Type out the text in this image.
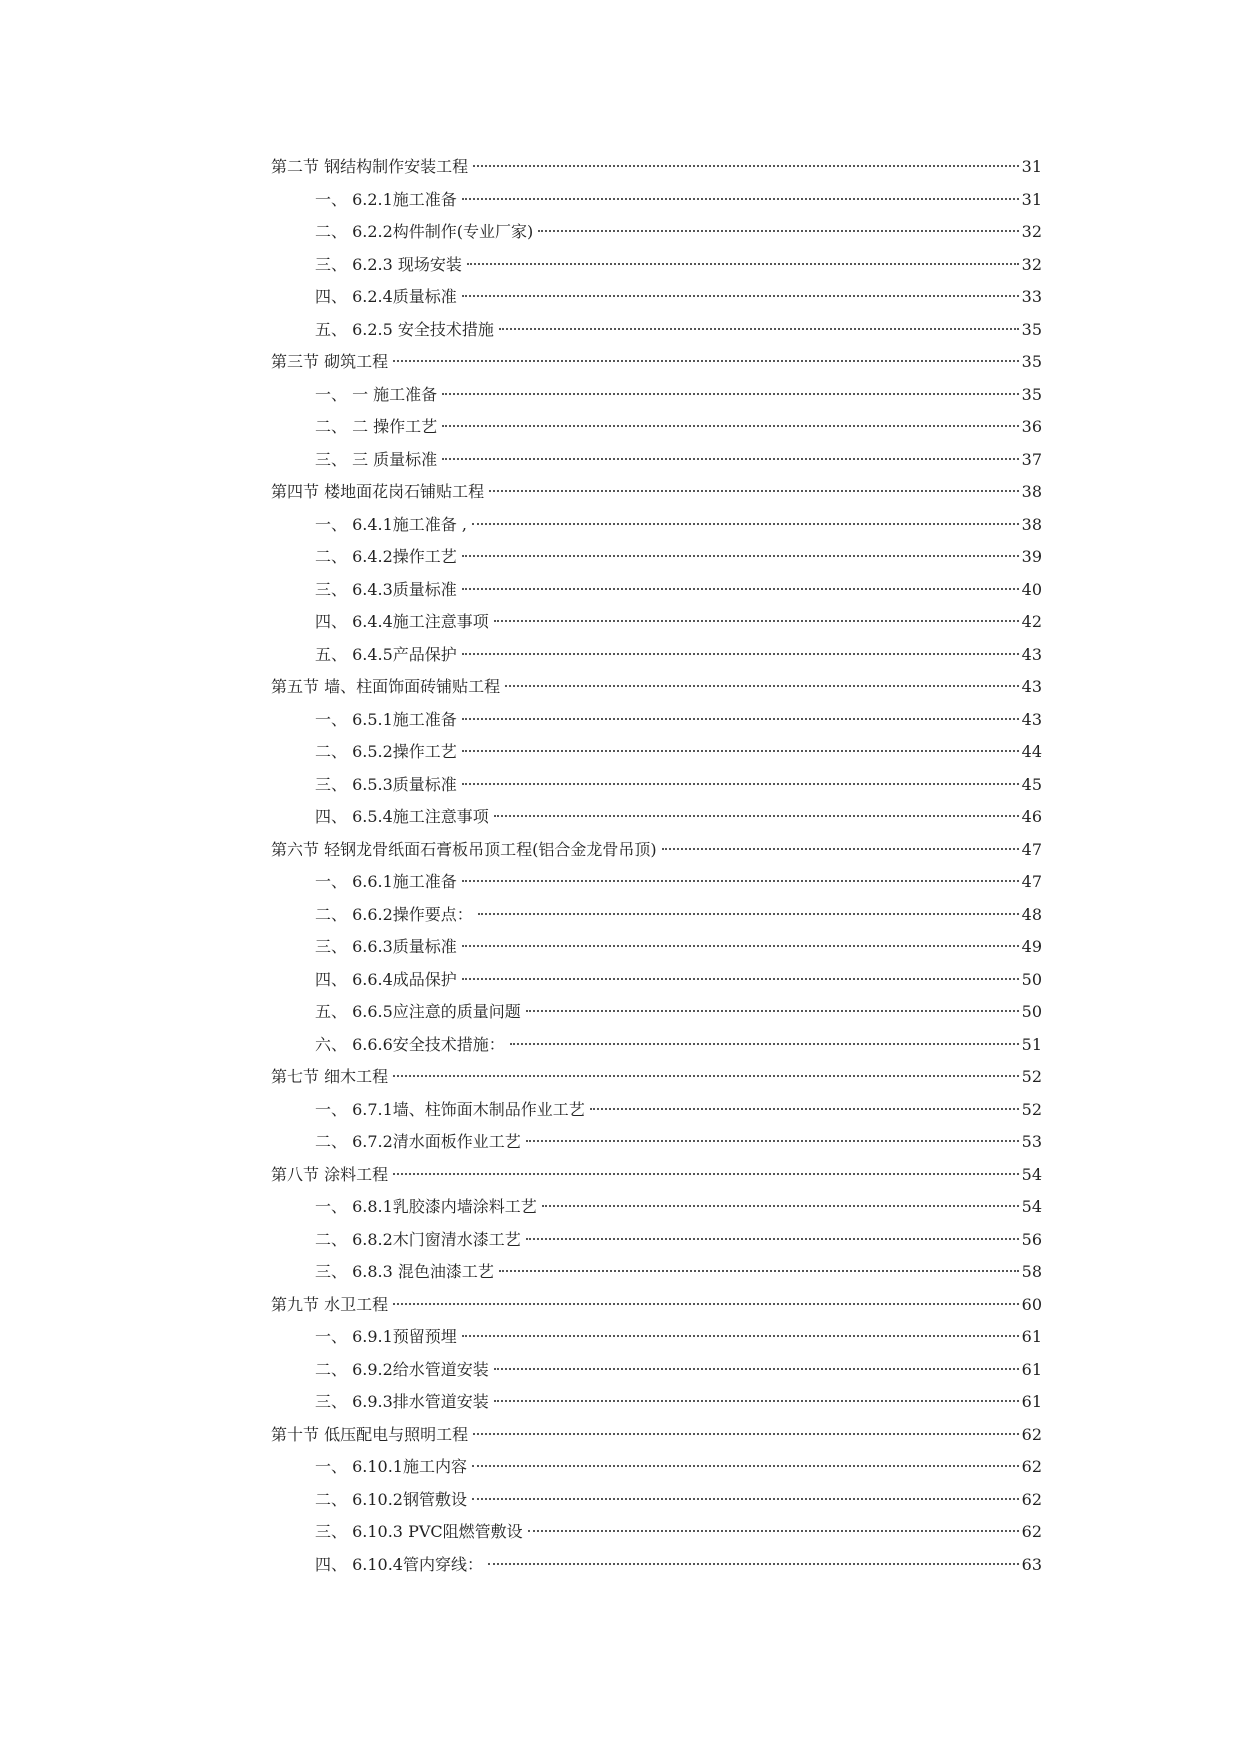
第二节 钢结构制作安装工程	31
一、 6.2.1施工准备	31
二、 6.2.2构件制作(专业厂家)	32
三、 6.2.3 现场安装	32
四、 6.2.4质量标准	33
五、 6.2.5 安全技术措施	35
第三节 砌筑工程	35
一、 一 施工准备	35
二、 二 操作工艺	36
三、 三 质量标准	37
第四节 楼地面花岗石铺贴工程	38
一、 6.4.1施工准备 ,	38
二、 6.4.2操作工艺	39
三、 6.4.3质量标准	40
四、 6.4.4施工注意事项	42
五、 6.4.5产品保护	43
第五节 墙、柱面饰面砖铺贴工程	43
一、 6.5.1施工准备	43
二、 6.5.2操作工艺	44
三、 6.5.3质量标准	45
四、 6.5.4施工注意事项	46
第六节 轻钢龙骨纸面石膏板吊顶工程(铝合金龙骨吊顶)	47
一、 6.6.1施工准备	47
二、 6.6.2操作要点：	48
三、 6.6.3质量标准	49
四、 6.6.4成品保护	50
五、 6.6.5应注意的质量问题	50
六、 6.6.6安全技术措施：	51
第七节 细木工程	52
一、 6.7.1墙、柱饰面木制品作业工艺	52
二、 6.7.2清水面板作业工艺	53
第八节 涂料工程	54
一、 6.8.1乳胶漆内墙涂料工艺	54
二、 6.8.2木门窗清水漆工艺	56
三、 6.8.3 混色油漆工艺	58
第九节 水卫工程	60
一、 6.9.1预留预埋	61
二、 6.9.2给水管道安装	61
三、 6.9.3排水管道安装	61
第十节 低压配电与照明工程	62
一、 6.10.1施工内容	62
二、 6.10.2钢管敷设	62
三、 6.10.3 PVC阻燃管敷设	62
四、 6.10.4管内穿线：	63
